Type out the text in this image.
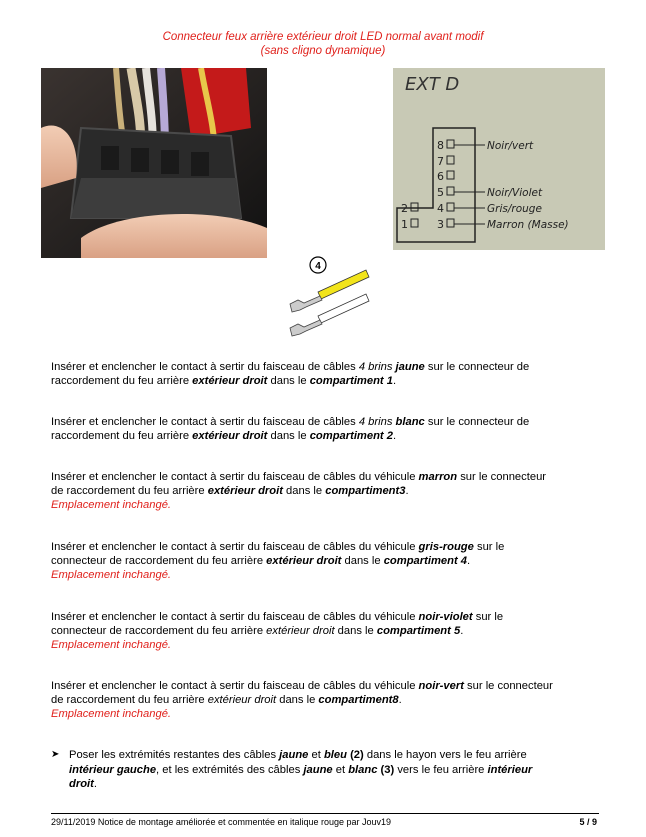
Connecteur feux arrière extérieur droit LED normal avant modif
(sans cligno dynamique)
EXT D
8	Noir/vert
7
6
5	Noir/Violet
4	Gris/rouge
3	Marron (Masse)
2
1
4
Insérer et enclencher le contact à sertir du faisceau de câbles 4 brins jaune sur le connecteur de
raccordement du feu arrière extérieur droit dans le compartiment 1.
Insérer et enclencher le contact à sertir du faisceau de câbles 4 brins blanc sur le connecteur de
raccordement du feu arrière extérieur droit dans le compartiment 2.
Insérer et enclencher le contact à sertir du faisceau de câbles du véhicule marron sur le connecteur
de raccordement du feu arrière extérieur droit dans le compartiment3.
Emplacement inchangé.
Insérer et enclencher le contact à sertir du faisceau de câbles du véhicule gris-rouge sur le
connecteur de raccordement du feu arrière extérieur droit dans le compartiment 4.
Emplacement inchangé.
Insérer et enclencher le contact à sertir du faisceau de câbles du véhicule noir-violet sur le
connecteur de raccordement du feu arrière extérieur droit dans le compartiment 5.
Emplacement inchangé.
Insérer et enclencher le contact à sertir du faisceau de câbles du véhicule noir-vert sur le connecteur
de raccordement du feu arrière extérieur droit dans le compartiment8.
Emplacement inchangé.
➤ Poser les extrémités restantes des câbles jaune et bleu (2) dans le hayon vers le feu arrière
intérieur gauche, et les extrémités des câbles jaune et blanc (3) vers le feu arrière intérieur
droit.
29/11/2019 Notice de montage améliorée et commentée en italique rouge par Jouv19	5 / 9
